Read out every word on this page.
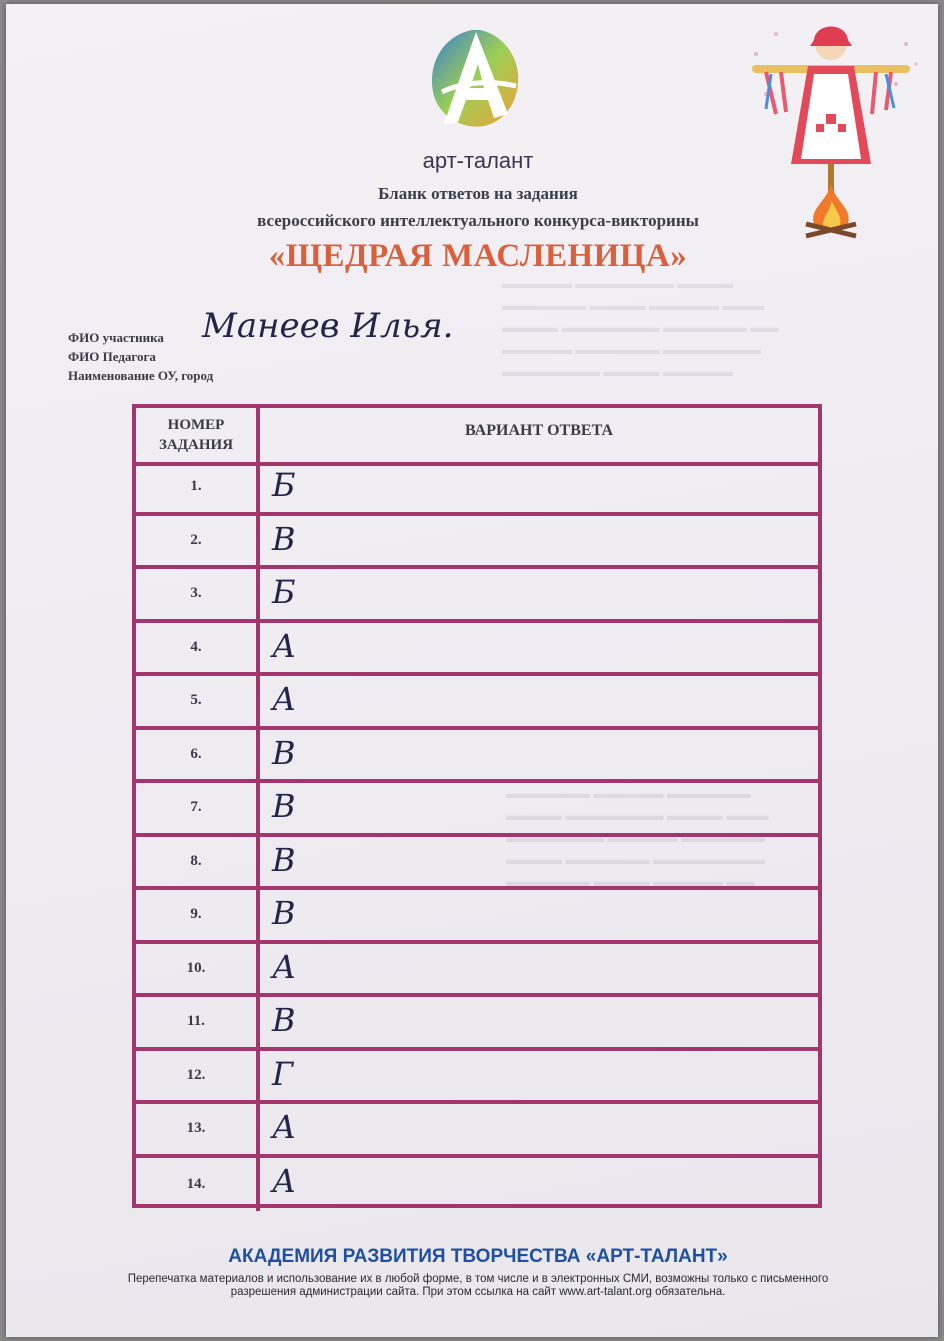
▬▬▬▬▬ ▬▬▬▬▬▬▬ ▬▬▬▬
▬▬▬▬▬▬ ▬▬▬▬ ▬▬▬▬▬ ▬▬▬
▬▬▬▬ ▬▬▬▬▬▬▬ ▬▬▬▬▬▬ ▬▬
▬▬▬▬▬ ▬▬▬▬▬▬ ▬▬▬▬▬▬▬
▬▬▬▬▬▬▬ ▬▬▬▬ ▬▬▬▬▬
▬▬▬▬▬▬ ▬▬▬▬▬ ▬▬▬▬▬▬
▬▬▬▬ ▬▬▬▬▬▬▬ ▬▬▬▬ ▬▬▬
▬▬▬▬▬▬▬ ▬▬▬▬▬ ▬▬▬▬▬▬
▬▬▬▬ ▬▬▬▬▬▬ ▬▬▬▬▬▬▬▬
▬▬▬▬▬▬ ▬▬▬▬ ▬▬▬▬▬ ▬▬
арт-талант
Бланк ответов на задания
всероссийского интеллектуального конкурса-викторины
«ЩЕДРАЯ МАСЛЕНИЦА»
ФИО участника Манеев Илья.
ФИО Педагога
Наименование ОУ, город
НОМЕР
ЗАДАНИЯ
ВАРИАНТ ОТВЕТА
1.	Б
2.	В
3.	Б
4.	А
5.	А
6.	В
7.	В
8.	В
9.	В
10.	А
11.	В
12.	Г
13.	А
14.	А
АКАДЕМИЯ РАЗВИТИЯ ТВОРЧЕСТВА «АРТ-ТАЛАНТ»
Перепечатка материалов и использование их в любой форме, в том числе и в электронных СМИ, возможны только с письменного разрешения администрации сайта. При этом ссылка на сайт www.art-talant.org обязательна.
